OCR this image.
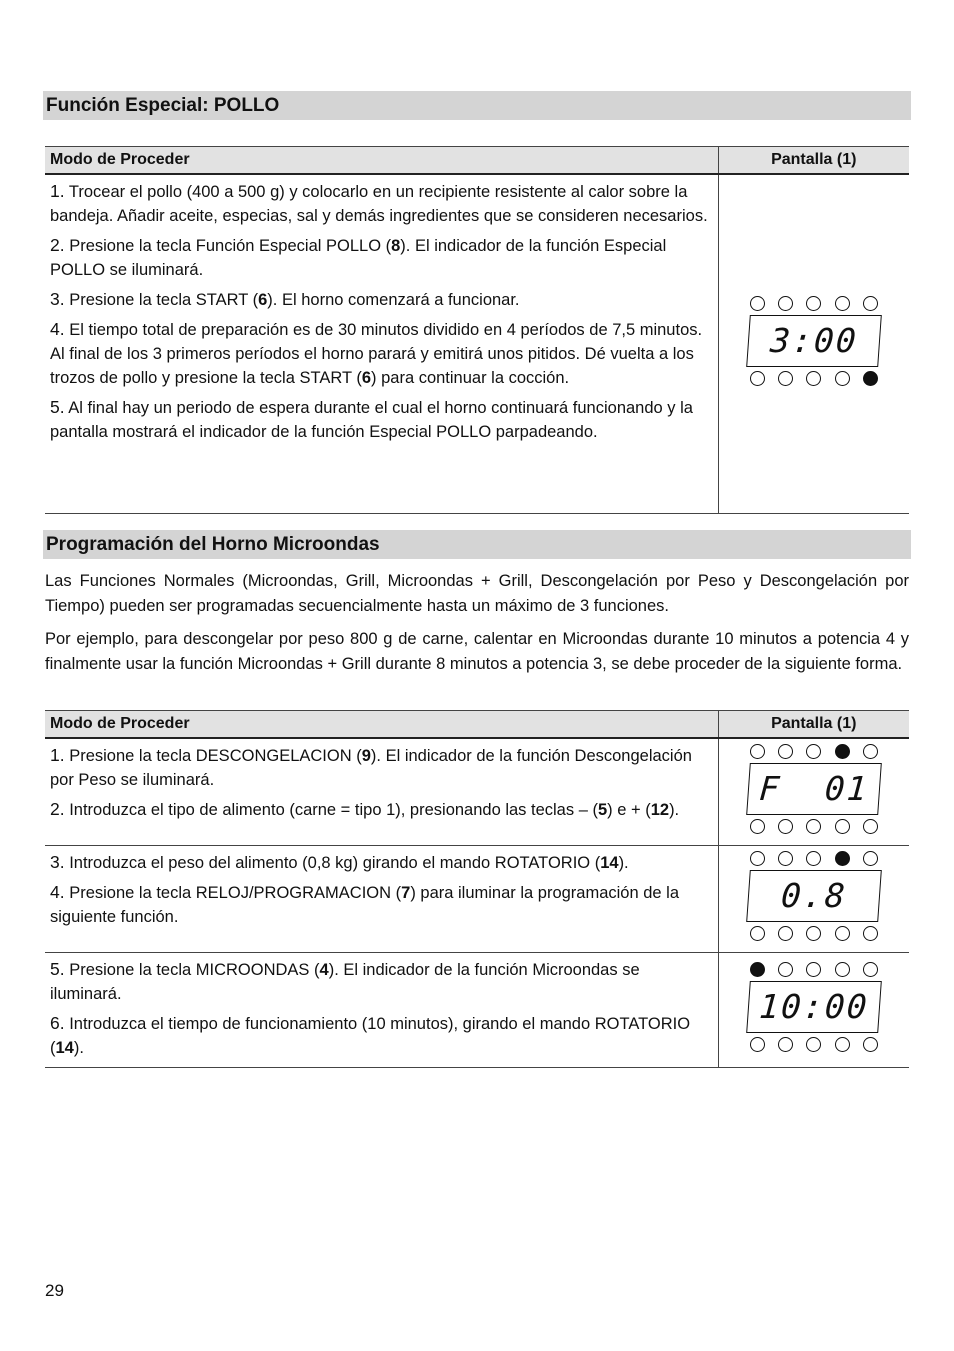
Función Especial: POLLO
Modo de Proceder	Pantalla (1)

1. Trocear el pollo (400 a 500 g) y colocarlo en un recipiente resistente al calor sobre la bandeja. Añadir aceite, especias, sal y demás ingredientes que se consideren necesarios.
2. Presione la tecla Función Especial POLLO (8). El indicador de la función Especial POLLO se iluminará.
3. Presione la tecla START (6). El horno comenzará a funcionar.
4. El tiempo total de preparación es de 30 minutos dividido en 4 períodos de 7,5 minutos. Al final de los 3 primeros períodos el horno parará y emitirá unos pitidos. Dé vuelta a los trozos de pollo y presione la tecla START (6) para continuar la cocción.
5. Al final hay un periodo de espera durante el cual el horno continuará funcionando y la pantalla mostrará el indicador de la función Especial POLLO parpadeando.	3:00
Programación del Horno Microondas

Las Funciones Normales (Microondas, Grill, Microondas + Grill, Descongelación por Peso y Descongelación por Tiempo) pueden ser programadas secuencialmente hasta un máximo de 3 funciones.

Por ejemplo, para descongelar por peso 800 g de carne, calentar en Microondas durante 10 minutos a potencia 4 y finalmente usar la función Microondas + Grill durante 8 minutos a potencia 3, se debe proceder de la siguiente forma.

Modo de Proceder	Pantalla (1)

1. Presione la tecla DESCONGELACION (9). El indicador de la función Descongelación por Peso se iluminará.
2. Introduzca el tipo de alimento (carne = tipo 1), presionando las teclas – (5) e + (12).	F  01

3. Introduzca el peso del alimento (0,8 kg) girando el mando ROTATORIO (14).
4. Presione la tecla RELOJ/PROGRAMACION (7) para iluminar la programación de la siguiente función.	0.8

5. Presione la tecla MICROONDAS (4). El indicador de la función Microondas se iluminará.
6. Introduzca el tiempo de funcionamiento (10 minutos), girando el mando ROTATORIO (14).	10:00
29
